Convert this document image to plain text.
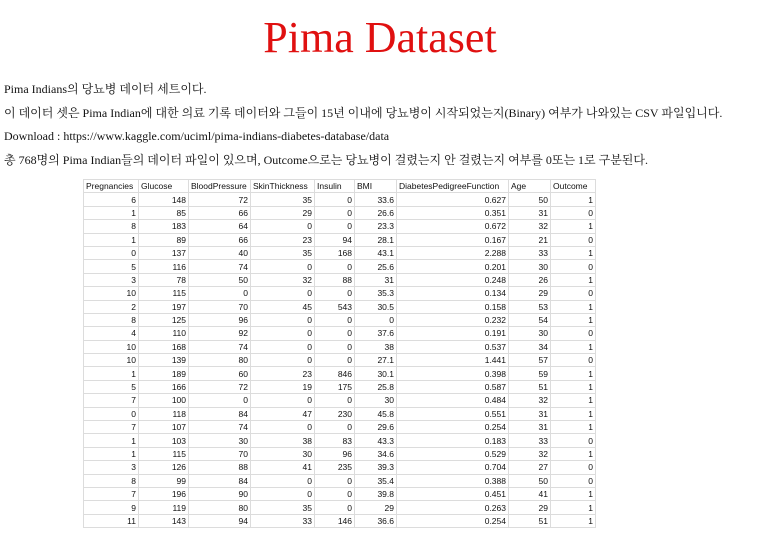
Pima Dataset

Pima Indians의 당뇨병 데이터 세트이다.

이 데이터 셋은 Pima Indian에 대한 의료 기록 데이터와 그들이 15년 이내에 당뇨병이 시작되었는지(Binary) 여부가 나와있는 CSV 파일입니다.

Download : https://www.kaggle.com/uciml/pima-indians-diabetes-database/data

총 768명의 Pima Indian들의 데이터 파일이 있으며, Outcome으로는 당뇨병이 걸렸는지 안 걸렸는지 여부를 0또는 1로 구분된다.

Pregnancies	Glucose	BloodPressure	SkinThickness	Insulin	BMI	DiabetesPedigreeFunction	Age	Outcome
6	148	72	35	0	33.6	0.627	50	1
1	85	66	29	0	26.6	0.351	31	0
8	183	64	0	0	23.3	0.672	32	1
1	89	66	23	94	28.1	0.167	21	0
0	137	40	35	168	43.1	2.288	33	1
5	116	74	0	0	25.6	0.201	30	0
3	78	50	32	88	31	0.248	26	1
10	115	0	0	0	35.3	0.134	29	0
2	197	70	45	543	30.5	0.158	53	1
8	125	96	0	0	0	0.232	54	1
4	110	92	0	0	37.6	0.191	30	0
10	168	74	0	0	38	0.537	34	1
10	139	80	0	0	27.1	1.441	57	0
1	189	60	23	846	30.1	0.398	59	1
5	166	72	19	175	25.8	0.587	51	1
7	100	0	0	0	30	0.484	32	1
0	118	84	47	230	45.8	0.551	31	1
7	107	74	0	0	29.6	0.254	31	1
1	103	30	38	83	43.3	0.183	33	0
1	115	70	30	96	34.6	0.529	32	1
3	126	88	41	235	39.3	0.704	27	0
8	99	84	0	0	35.4	0.388	50	0
7	196	90	0	0	39.8	0.451	41	1
9	119	80	35	0	29	0.263	29	1
11	143	94	33	146	36.6	0.254	51	1
